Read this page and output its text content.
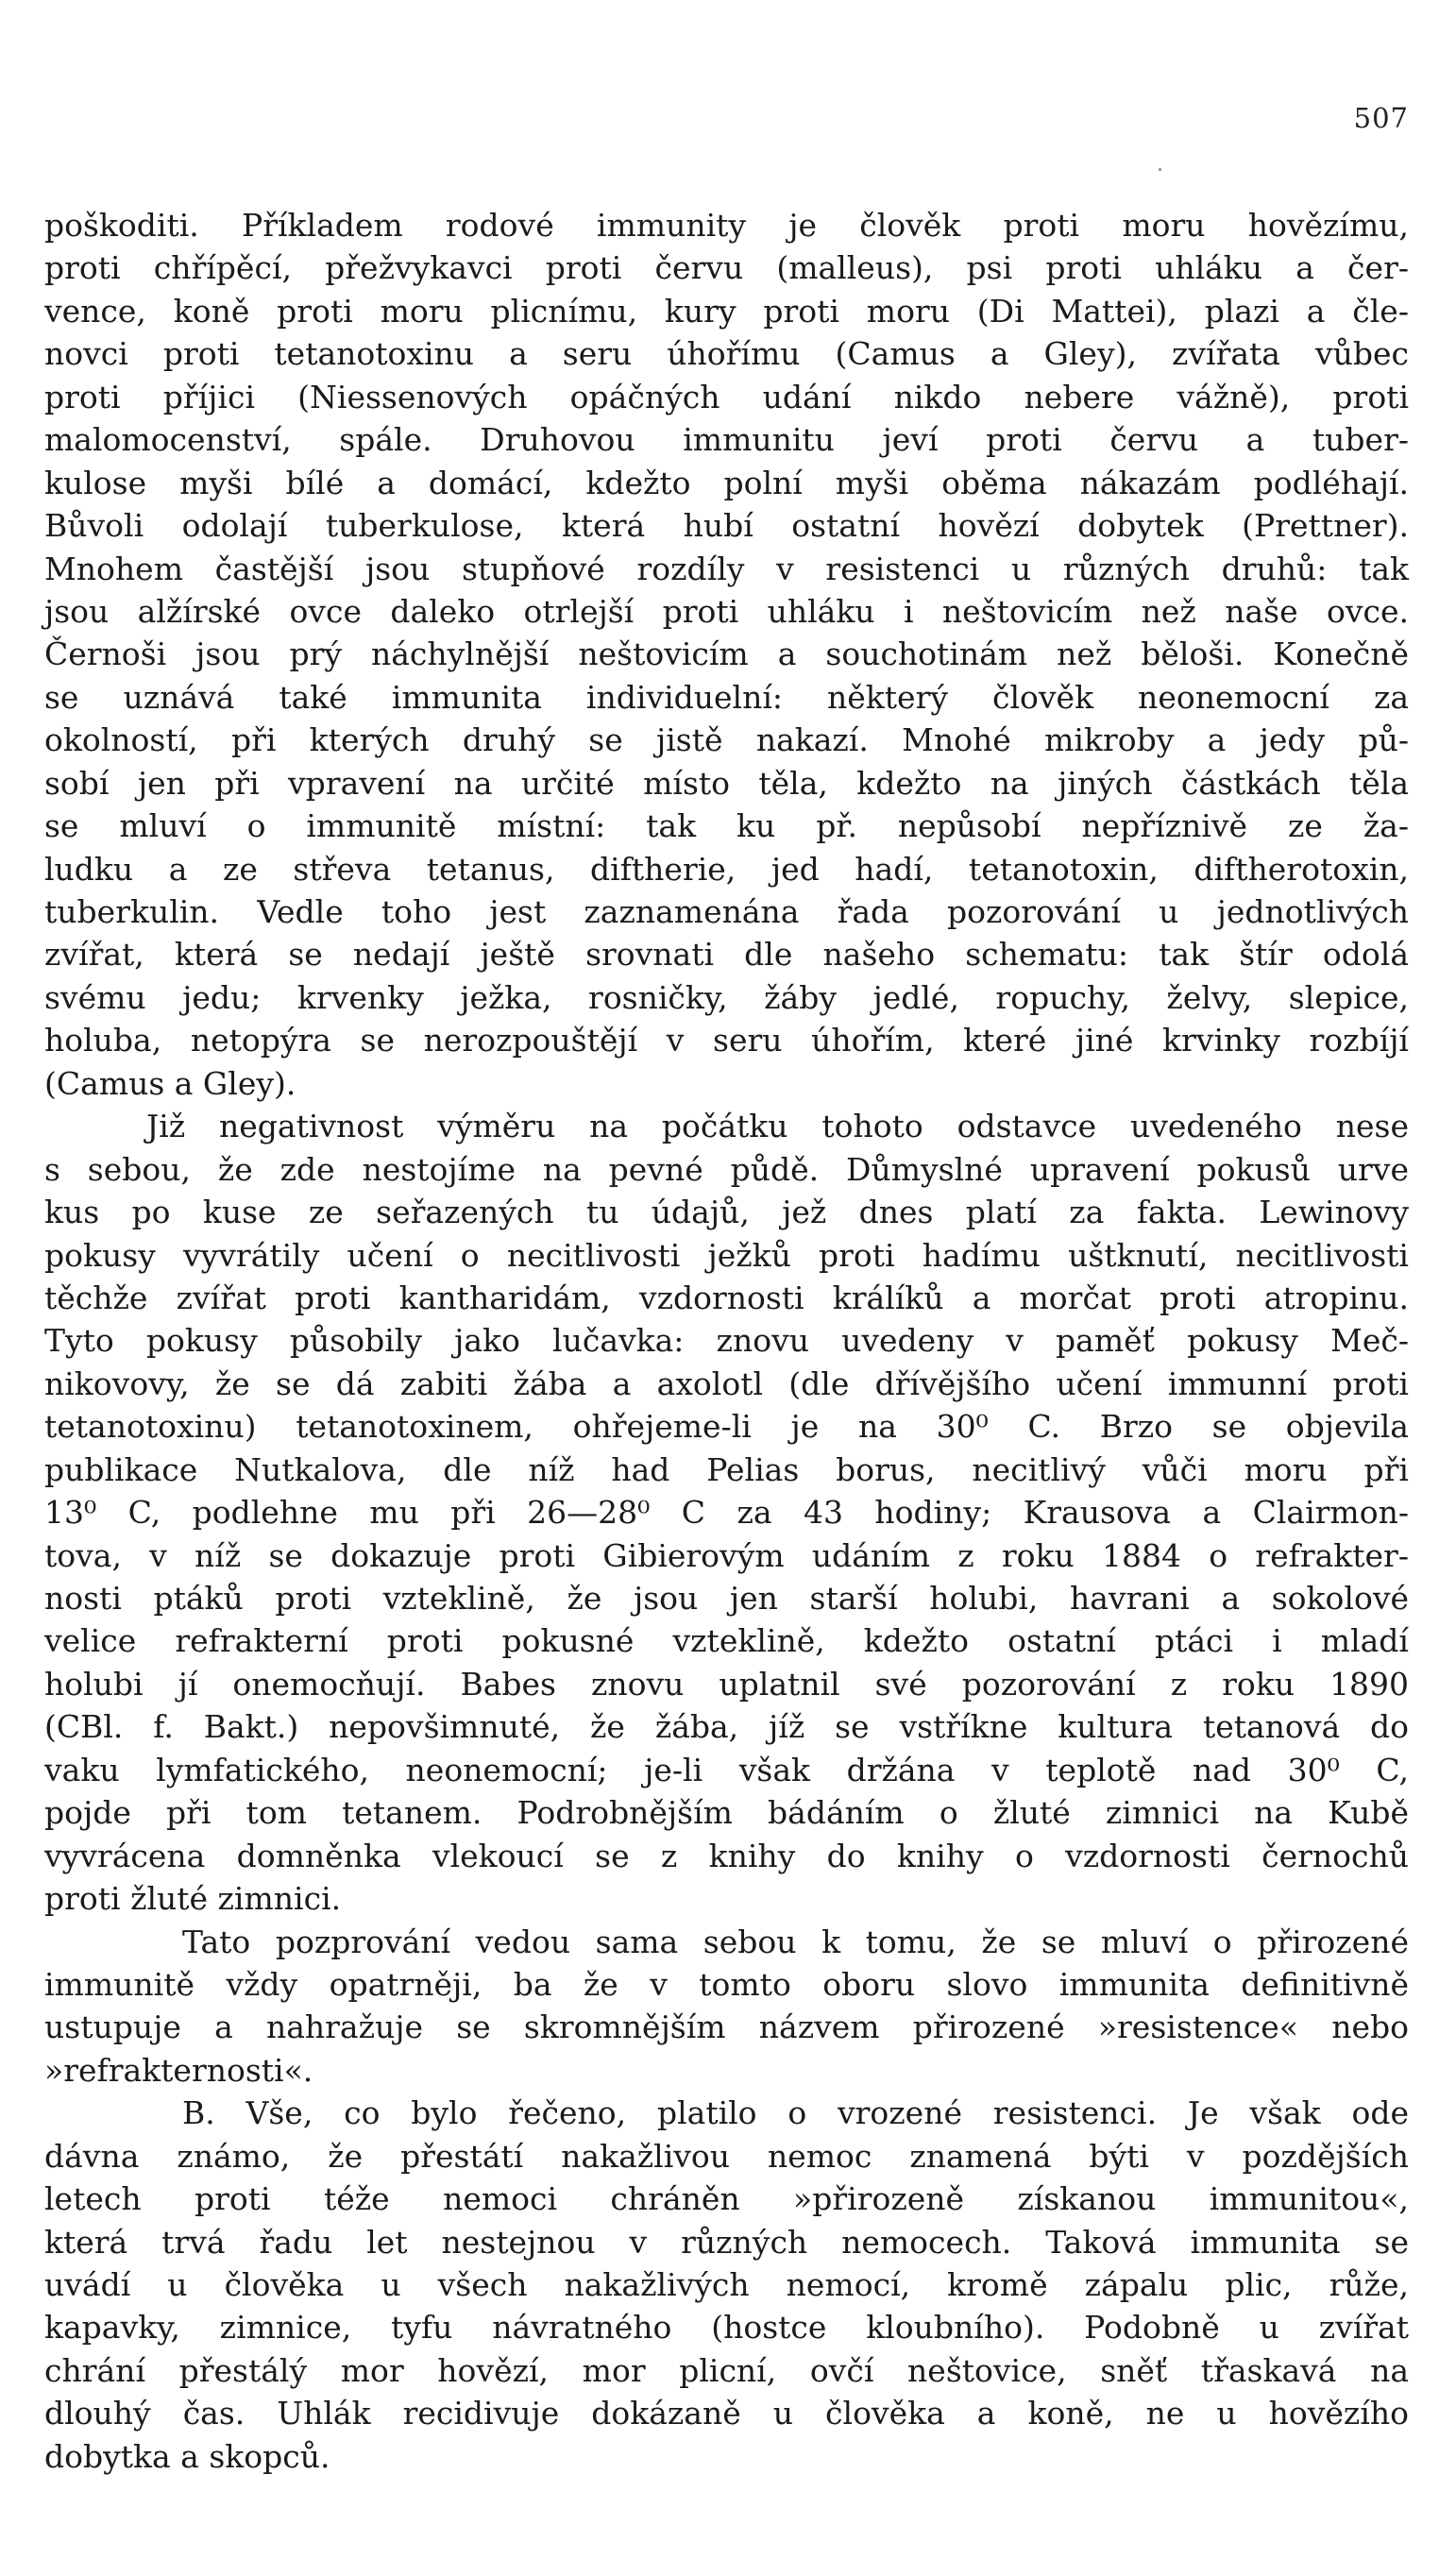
507
poškoditi. Příkladem rodové immunity je člověk proti moru hovězímu,
proti chřípěcí, přežvykavci proti červu (malleus), psi proti uhláku a čer-
vence, koně proti moru plicnímu, kury proti moru (Di Mattei), plazi a čle-
novci proti tetanotoxinu a seru úhořímu (Camus a Gley), zvířata vůbec
proti příjici (Niessenových opáčných udání nikdo nebere vážně), proti
malomocenství, spále. Druhovou immunitu jeví proti červu a tuber-
kulose myši bílé a domácí, kdežto polní myši oběma nákazám podléhají.
Bůvoli odolají tuberkulose, která hubí ostatní hovězí dobytek (Prettner).
Mnohem častější jsou stupňové rozdíly v resistenci u různých druhů: tak
jsou alžírské ovce daleko otrlejší proti uhláku i neštovicím než naše ovce.
Černoši jsou prý náchylnější neštovicím a souchotinám než běloši. Konečně
se uznává také immunita individuelní: některý člověk neonemocní za
okolností, při kterých druhý se jistě nakazí. Mnohé mikroby a jedy pů-
sobí jen při vpravení na určité místo těla, kdežto na jiných částkách těla
se mluví o immunitě místní: tak ku př. nepůsobí nepříznivě ze ža-
ludku a ze střeva tetanus, diftherie, jed hadí, tetanotoxin, diftherotoxin,
tuberkulin. Vedle toho jest zaznamenána řada pozorování u jednotlivých
zvířat, která se nedají ještě srovnati dle našeho schematu: tak štír odolá
svému jedu; krvenky ježka, rosničky, žáby jedlé, ropuchy, želvy, slepice,
holuba, netopýra se nerozpouštějí v seru úhořím, které jiné krvinky rozbíjí
(Camus a Gley).
Již negativnost výměru na počátku tohoto odstavce uvedeného nese
s sebou, že zde nestojíme na pevné půdě. Důmyslné upravení pokusů urve
kus po kuse ze seřazených tu údajů, jež dnes platí za fakta. Lewinovy
pokusy vyvrátily učení o necitlivosti ježků proti hadímu uštknutí, necitlivosti
těchže zvířat proti kantharidám, vzdornosti králíků a morčat proti atropinu.
Tyto pokusy působily jako lučavka: znovu uvedeny v paměť pokusy Meč-
nikovovy, že se dá zabiti žába a axolotl (dle dřívějšího učení immunní proti
tetanotoxinu) tetanotoxinem, ohřejeme-li je na 30⁰ C. Brzo se objevila
publikace Nutkalova, dle níž had Pelias borus, necitlivý vůči moru při
13⁰ C, podlehne mu při 26—28⁰ C za 43 hodiny; Krausova a Clairmon-
tova, v níž se dokazuje proti Gibierovým udáním z roku 1884 o refrakter-
nosti ptáků proti vzteklině, že jsou jen starší holubi, havrani a sokolové
velice refrakterní proti pokusné vzteklině, kdežto ostatní ptáci i mladí
holubi jí onemocňují. Babes znovu uplatnil své pozorování z roku 1890
(CBl. f. Bakt.) nepovšimnuté, že žába, jíž se vstříkne kultura tetanová do
vaku lymfatického, neonemocní; je-li však držána v teplotě nad 30⁰ C,
pojde při tom tetanem. Podrobnějším bádáním o žluté zimnici na Kubě
vyvrácena domněnka vlekoucí se z knihy do knihy o vzdornosti černochů
proti žluté zimnici.
Tato pozprování vedou sama sebou k tomu, že se mluví o přirozené
immunitě vždy opatrněji, ba že v tomto oboru slovo immunita definitivně
ustupuje a nahražuje se skromnějším názvem přirozené »resistence« nebo
»refrakternosti«.
B. Vše, co bylo řečeno, platilo o vrozené resistenci. Je však ode
dávna známo, že přestátí nakažlivou nemoc znamená býti v pozdějších
letech proti téže nemoci chráněn »přirozeně získanou immunitou«,
která trvá řadu let nestejnou v různých nemocech. Taková immunita se
uvádí u člověka u všech nakažlivých nemocí, kromě zápalu plic, růže,
kapavky, zimnice, tyfu návratného (hostce kloubního). Podobně u zvířat
chrání přestálý mor hovězí, mor plicní, ovčí neštovice, sněť třaskavá na
dlouhý čas. Uhlák recidivuje dokázaně u člověka a koně, ne u hovězího
dobytka a skopců.
